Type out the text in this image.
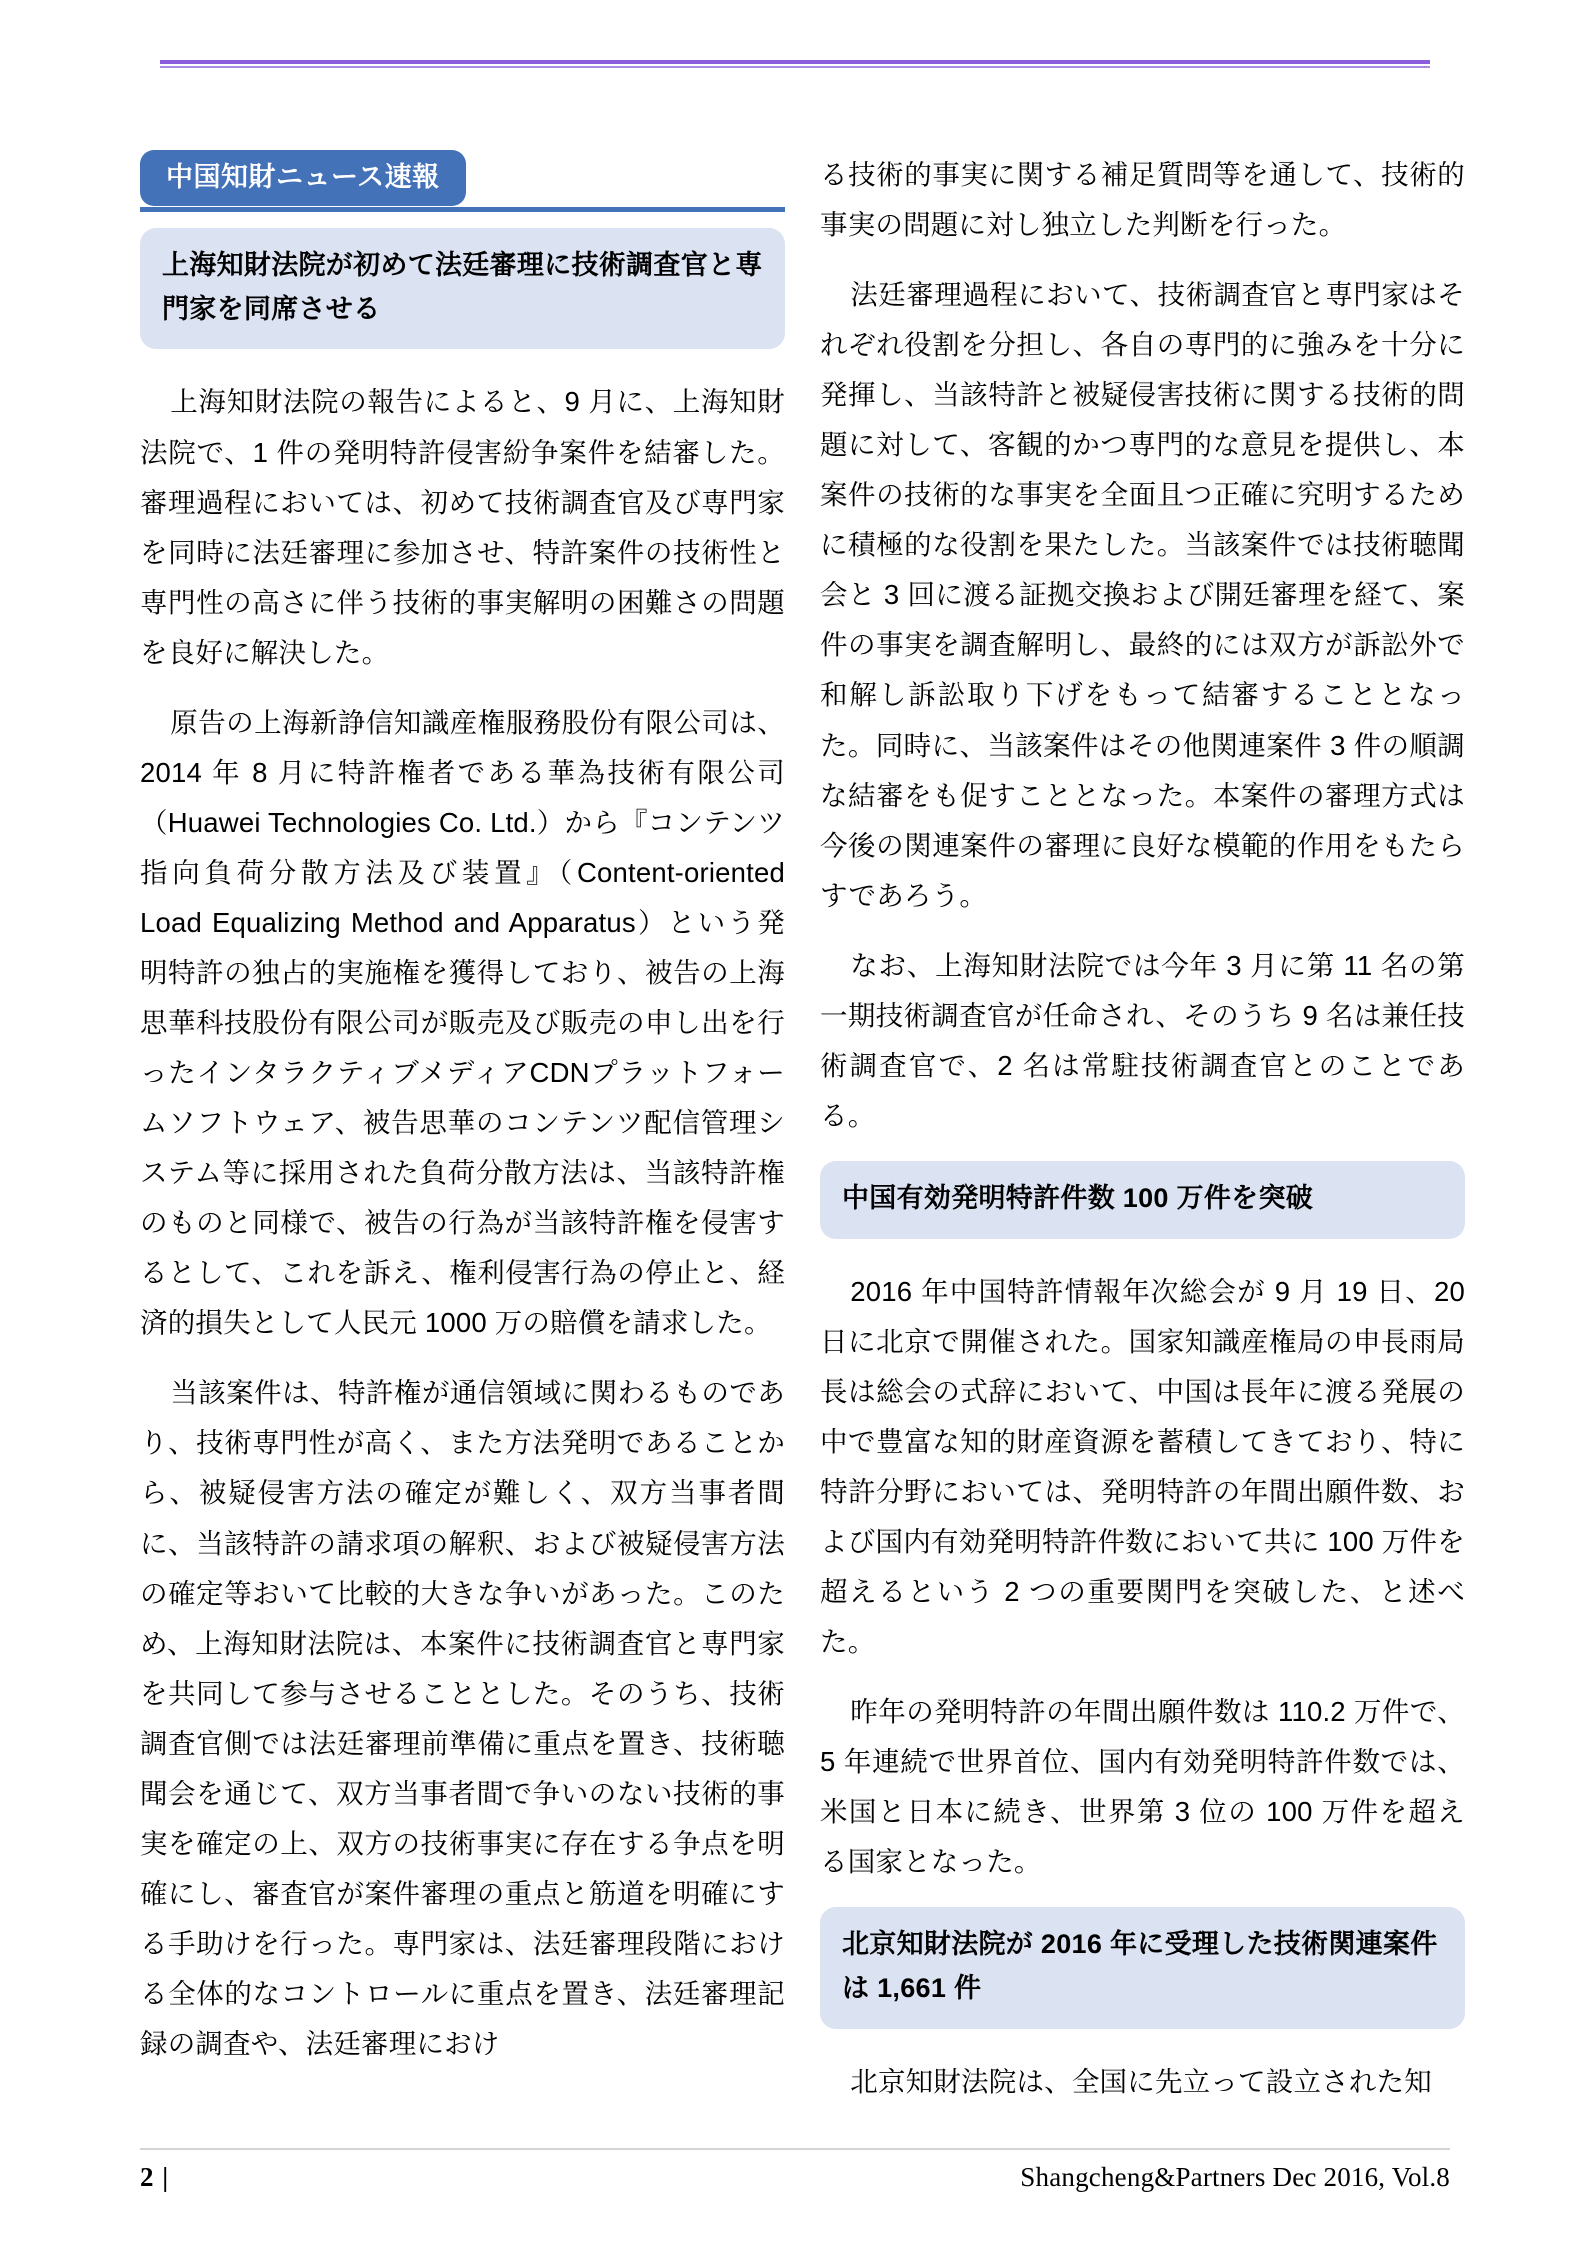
中国知財ニュース速報
上海知財法院が初めて法廷審理に技術調査官と専門家を同席させる

上海知財法院の報告によると、9 月に、上海知財法院で、1 件の発明特許侵害紛争案件を結審した。審理過程においては、初めて技術調査官及び専門家を同時に法廷審理に参加させ、特許案件の技術性と専門性の高さに伴う技術的事実解明の困難さの問題を良好に解決した。

原告の上海新諍信知識産権服務股份有限公司は、2014 年 8 月に特許権者である華為技術有限公司（Huawei Technologies Co. Ltd.）から『コンテンツ指向負荷分散方法及び装置』（Content-oriented Load Equalizing Method and Apparatus）という発明特許の独占的実施権を獲得しており、被告の上海思華科技股份有限公司が販売及び販売の申し出を行ったインタラクティブメディアCDNプラットフォームソフトウェア、被告思華のコンテンツ配信管理システム等に採用された負荷分散方法は、当該特許権のものと同様で、被告の行為が当該特許権を侵害するとして、これを訴え、権利侵害行為の停止と、経済的損失として人民元 1000 万の賠償を請求した。

当該案件は、特許権が通信領域に関わるものであり、技術専門性が高く、また方法発明であることから、被疑侵害方法の確定が難しく、双方当事者間に、当該特許の請求項の解釈、および被疑侵害方法の確定等おいて比較的大きな争いがあった。このため、上海知財法院は、本案件に技術調査官と専門家を共同して参与させることとした。そのうち、技術調査官側では法廷審理前準備に重点を置き、技術聴聞会を通じて、双方当事者間で争いのない技術的事実を確定の上、双方の技術事実に存在する争点を明確にし、審査官が案件審理の重点と筋道を明確にする手助けを行った。専門家は、法廷審理段階における全体的なコントロールに重点を置き、法廷審理記録の調査や、法廷審理におけ

る技術的事実に関する補足質問等を通して、技術的事実の問題に対し独立した判断を行った。

法廷審理過程において、技術調査官と専門家はそれぞれ役割を分担し、各自の専門的に強みを十分に発揮し、当該特許と被疑侵害技術に関する技術的問題に対して、客観的かつ専門的な意見を提供し、本案件の技術的な事実を全面且つ正確に究明するために積極的な役割を果たした。当該案件では技術聴聞会と 3 回に渡る証拠交換および開廷審理を経て、案件の事実を調査解明し、最終的には双方が訴訟外で和解し訴訟取り下げをもって結審することとなった。同時に、当該案件はその他関連案件 3 件の順調な結審をも促すこととなった。本案件の審理方式は今後の関連案件の審理に良好な模範的作用をもたらすであろう。

なお、上海知財法院では今年 3 月に第 11 名の第一期技術調査官が任命され、そのうち 9 名は兼任技術調査官で、2 名は常駐技術調査官とのことである。

中国有効発明特許件数 100 万件を突破

2016 年中国特許情報年次総会が 9 月 19 日、20 日に北京で開催された。国家知識産権局の申長雨局長は総会の式辞において、中国は長年に渡る発展の中で豊富な知的財産資源を蓄積してきており、特に特許分野においては、発明特許の年間出願件数、および国内有効発明特許件数において共に 100 万件を超えるという 2 つの重要関門を突破した、と述べた。

昨年の発明特許の年間出願件数は 110.2 万件で、5 年連続で世界首位、国内有効発明特許件数では、米国と日本に続き、世界第 3 位の 100 万件を超える国家となった。

北京知財法院が 2016 年に受理した技術関連案件は 1,661 件

北京知財法院は、全国に先立って設立された知

2 |	Shangcheng&Partners Dec 2016, Vol.8
